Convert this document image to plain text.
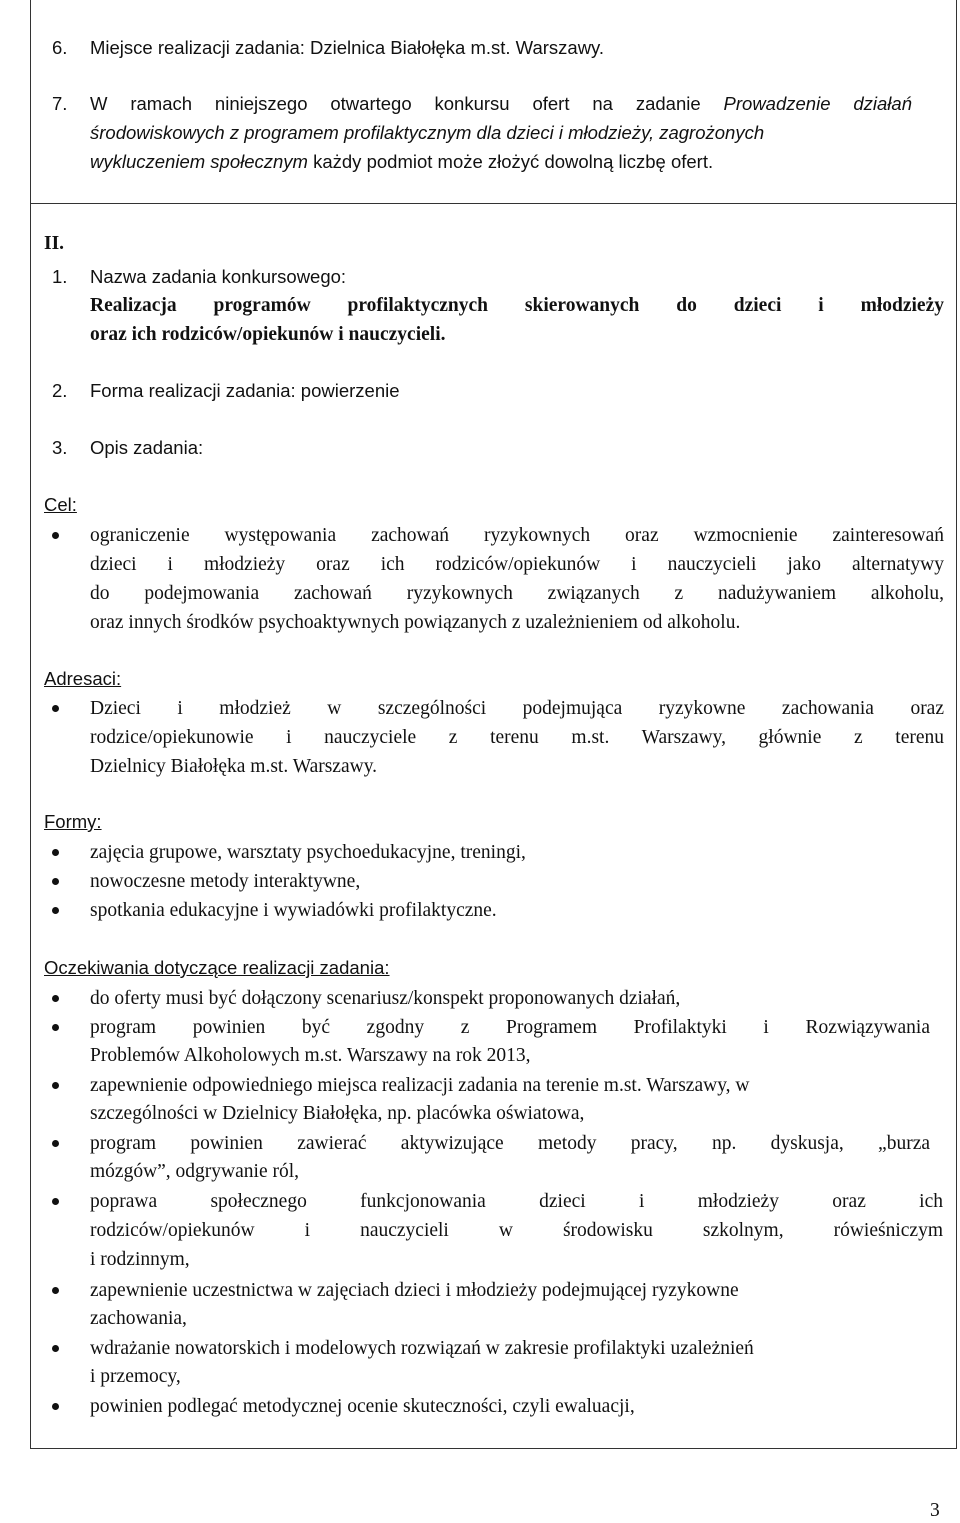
6. Miejsce realizacji zadania: Dzielnica Białołęka m.st. Warszawy.
7. W ramach niniejszego otwartego konkursu ofert na zadanie Prowadzenie działań
środowiskowych z programem profilaktycznym dla dzieci i młodzieży, zagrożonych
wykluczeniem społecznym każdy podmiot może złożyć dowolną liczbę ofert.
II.
1. Nazwa zadania konkursowego:
Realizacja programów profilaktycznych skierowanych do dzieci i młodzieży
oraz ich rodziców/opiekunów i nauczycieli.
2. Forma realizacji zadania: powierzenie
3. Opis zadania:
Cel:
ograniczenie występowania zachowań ryzykownych oraz wzmocnienie zainteresowań
dzieci i młodzieży oraz ich rodziców/opiekunów i nauczycieli jako alternatywy
do podejmowania zachowań ryzykownych związanych z nadużywaniem alkoholu,
oraz innych środków psychoaktywnych powiązanych z uzależnieniem od alkoholu.
Adresaci:
Dzieci i młodzież w szczególności podejmująca ryzykowne zachowania oraz
rodzice/opiekunowie i nauczyciele z terenu m.st. Warszawy, głównie z terenu
Dzielnicy Białołęka m.st. Warszawy.
Formy:
zajęcia grupowe, warsztaty psychoedukacyjne, treningi,
nowoczesne metody interaktywne,
spotkania edukacyjne i wywiadówki profilaktyczne.
Oczekiwania dotyczące realizacji zadania:
do oferty musi być dołączony scenariusz/konspekt proponowanych działań,
program powinien być zgodny z Programem Profilaktyki i Rozwiązywania
Problemów Alkoholowych m.st. Warszawy na rok 2013,
zapewnienie odpowiedniego miejsca realizacji zadania na terenie m.st. Warszawy, w
szczególności w Dzielnicy Białołęka, np. placówka oświatowa,
program powinien zawierać aktywizujące metody pracy, np. dyskusja, „burza
mózgów”, odgrywanie ról,
poprawa społecznego funkcjonowania dzieci i młodzieży oraz ich
rodziców/opiekunów i nauczycieli w środowisku szkolnym, rówieśniczym
i rodzinnym,
zapewnienie uczestnictwa w zajęciach dzieci i młodzieży podejmującej ryzykowne
zachowania,
wdrażanie nowatorskich i modelowych rozwiązań w zakresie profilaktyki uzależnień
i przemocy,
powinien podlegać metodycznej ocenie skuteczności, czyli ewaluacji,
3
